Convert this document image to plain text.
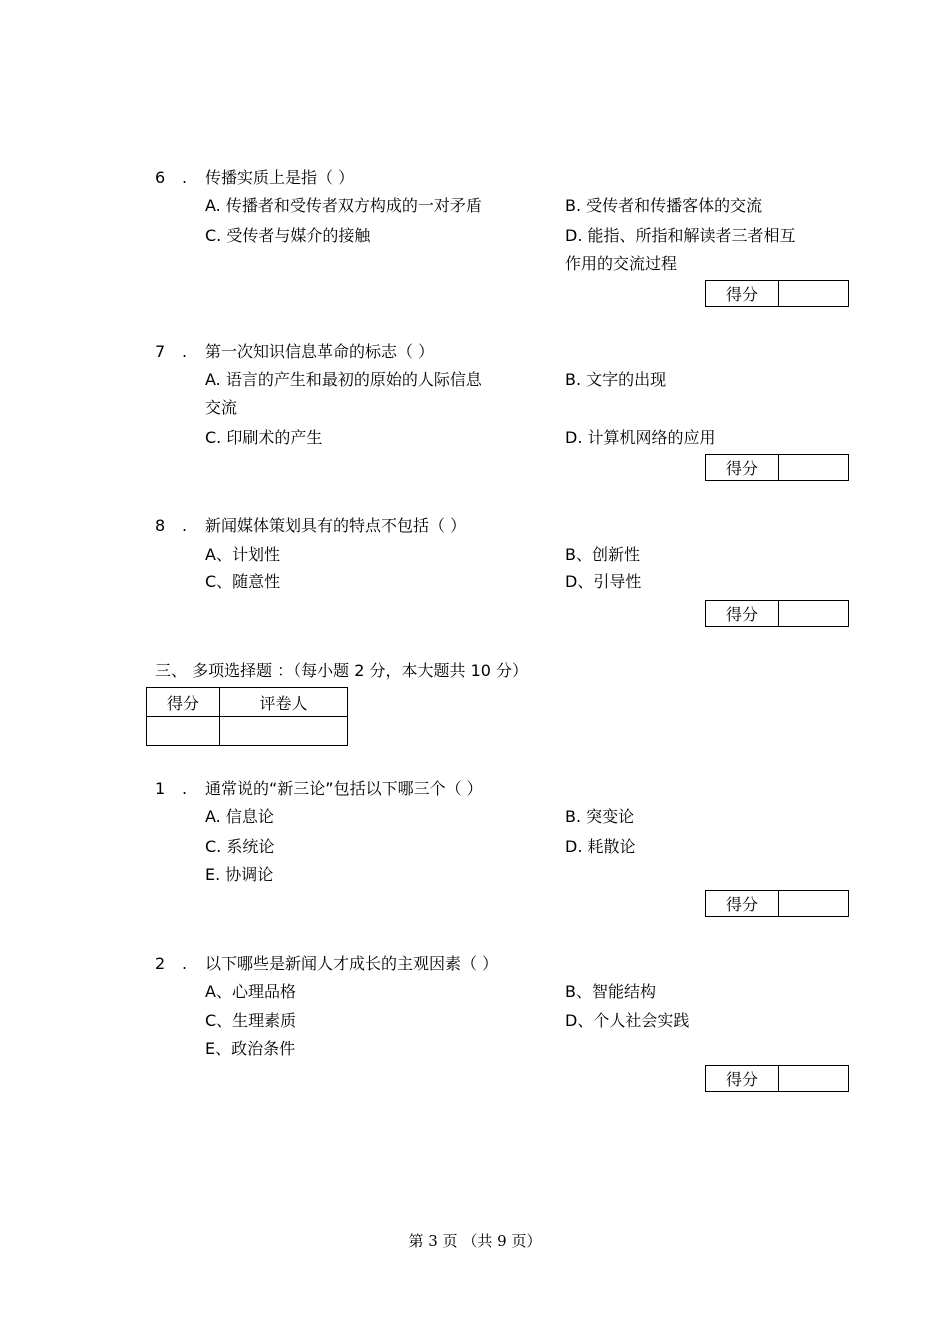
6 . 传播实质上是指（ ）
A. 传播者和受传者双方构成的一对矛盾	B. 受传者和传播客体的交流
C. 受传者与媒介的接触	D. 能指、所指和解读者三者相互
作用的交流过程
得分
7 . 第一次知识信息革命的标志（ ）
A. 语言的产生和最初的原始的人际信息	B. 文字的出现
交流
C. 印刷术的产生	D. 计算机网络的应用
得分
8 . 新闻媒体策划具有的特点不包括（ ）
A、计划性	B、创新性
C、随意性	D、引导性
得分
三、 多项选择题 ：（每小题 2 分，本大题共 10 分）
得分	评卷人

1 . 通常说的“新三论”包括以下哪三个（ ）
A. 信息论	B. 突变论
C. 系统论	D. 耗散论
E. 协调论
得分
2 . 以下哪些是新闻人才成长的主观因素（ ）
A、心理品格	B、智能结构
C、生理素质	D、个人社会实践
E、政治条件
得分
第 3 页 （共 9 页）
